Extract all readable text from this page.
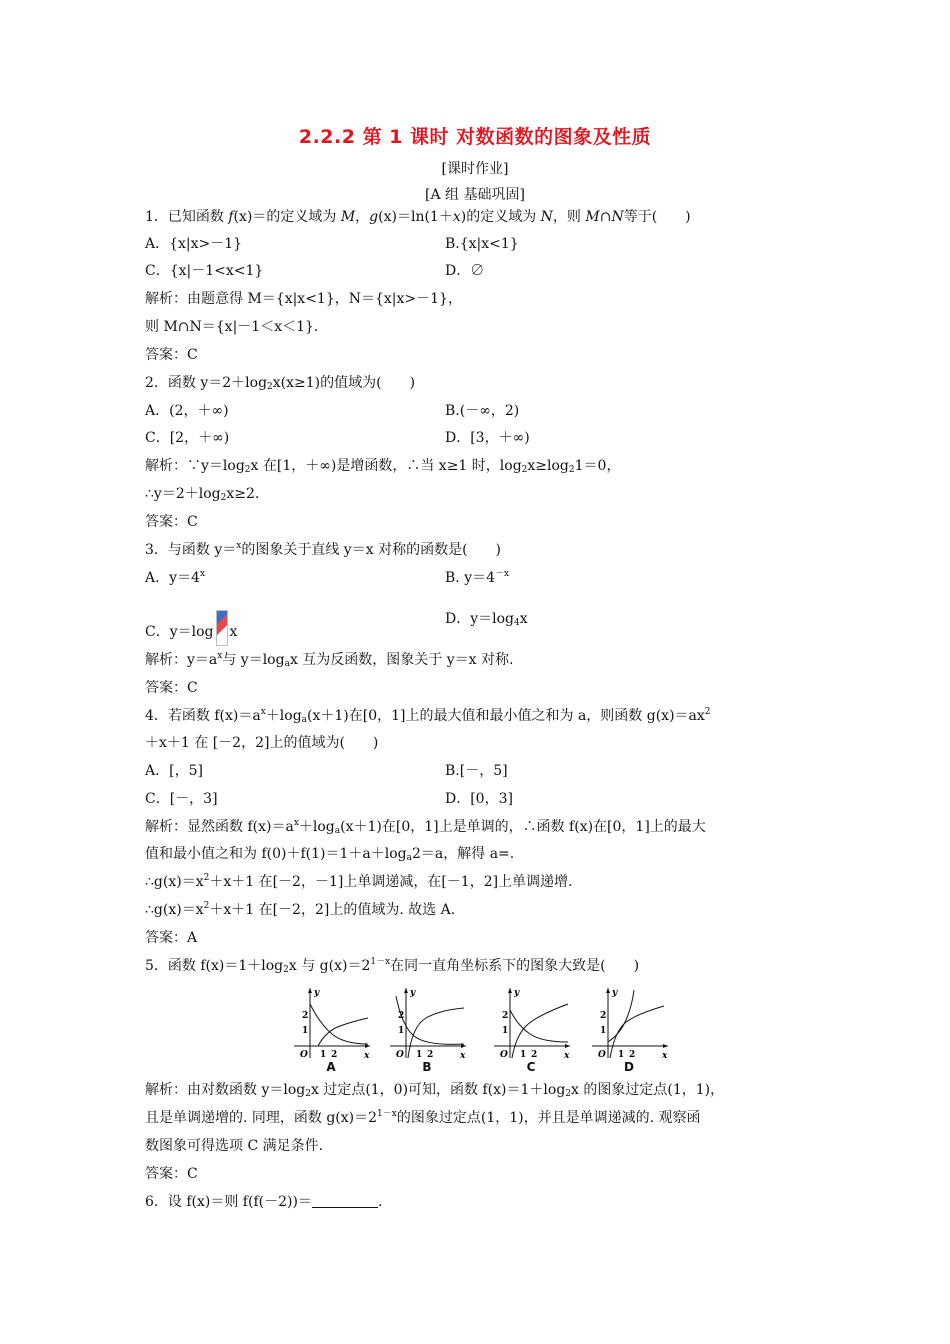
2.2.2 第 1 课时 对数函数的图象及性质
[课时作业]
[A 组 基础巩固]
1．已知函数 f(x)＝的定义域为 M，g(x)＝ln(1＋x)的定义域为 N，则 M∩N等于(　　)
A．{x|x>－1}	B.{x|x<1}
C．{x|－1<x<1}	D．∅
解析：由题意得 M＝{x|x<1}，N＝{x|x>－1}，
则 M∩N＝{x|－1＜x＜1}．
答案：C
2．函数 $y=2+\log_2x(x\ge 1)$的值域为(　　)
A．(2，＋∞)	B.(－∞，2)
C．[2，＋∞)	D．[3，＋∞)
解析：$\because y=\log_2x$ 在[1，＋∞)是增函数，∴当 x≥1 时，$\log_2x\ge\log_21=0$，
$\therefore y=2+\log_2x\ge 2$.
答案：C
3．与函数 y＝$^x$的图象关于直线 y＝x 对称的函数是(　　)
A．$y=4^x$	B. $y=4^{-x}$
C．y＝log x
D．$y=\log_4x$
解析：$y=a^x$与 $y=\log_ax$ 互为反函数，图象关于 y＝x 对称.
答案：C
4．若函数 $f(x)=a^x+\log_a(x+1)$在[0，1]上的最大值和最小值之和为 a，则函数 $g(x)=ax^2$
＋x＋1 在 [－2，2]上的值域为(　　)
A．[，5]	B.[－，5]
C．[－，3]	D．[0，3]
解析：显然函数 $f(x)=a^x+\log_a(x+1)$在[0，1]上是单调的，∴函数 f(x)在[0，1]上的最大
值和最小值之和为 $f(0)+f(1)=1+a+\log_a2=a$，解得 a=.
$\therefore g(x)=x^2+x+1$ 在[－2，－1]上单调递减，在[－1，2]上单调递增.
$\therefore g(x)=x^2+x+1$ 在[－2，2]上的值域为. 故选 A.
答案：A
5．函数 $f(x)=1+\log_2x$ 与 $g(x)=2^{1-x}$在同一直角坐标系下的图象大致是(　　)
y
x
O
2
1
1 2
A
y
x
O
2
1
1 2
B
y
x
O
2
1
1 2
C
y
x
O
2
1
1 2
D
解析：由对数函数 $y=\log_2x$ 过定点(1，0)可知，函数 $f(x)=1+\log_2x$ 的图象过定点(1，1)，
且是单调递增的. 同理，函数 $g(x)=2^{1-x}$的图象过定点(1，1)，并且是单调递减的. 观察函
数图象可得选项 C 满足条件.
答案：C
6．设 f(x)＝则 f(f(－2))＝	.
